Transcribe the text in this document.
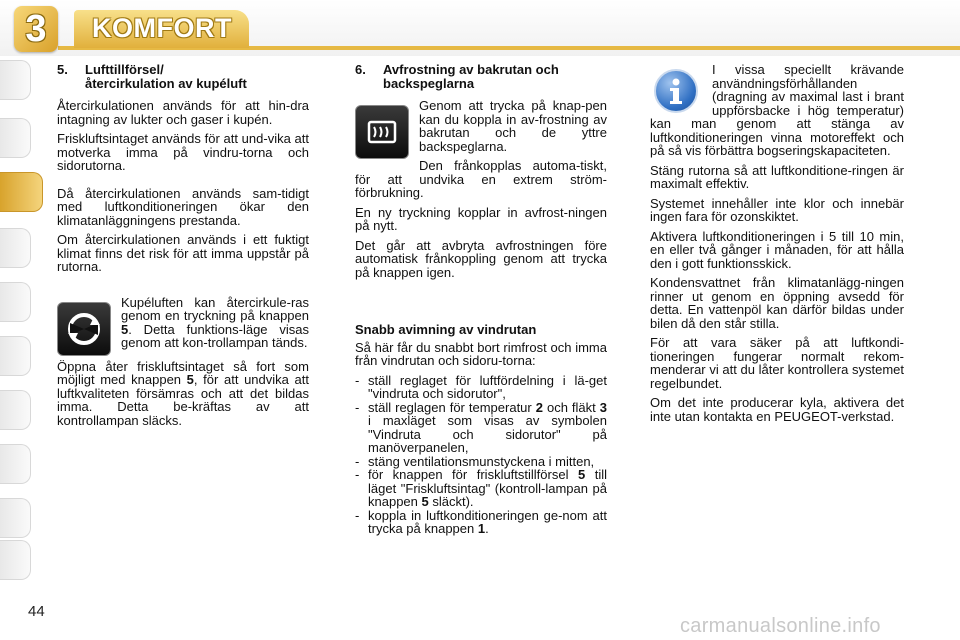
3	KOMFORT
5.	Lufttillförsel/
återcirkulation av kupéluft

Återcirkulationen används för att hin-dra intagning av lukter och gaser i kupén.

Friskluftsintaget används för att und-vika att motverka imma på vindru-torna och sidorutorna.

Då återcirkulationen används sam-tidigt med luftkonditioneringen ökar den klimatanläggningens prestanda.

Om återcirkulationen används i ett fuktigt klimat finns det risk för att imma uppstår på rutorna.

Kupéluften kan återcirkule-ras genom en tryckning på knappen 5. Detta funktions-läge visas genom att kon-trollampan tänds.

Öppna åter friskluftsintaget så fort som möjligt med knappen 5, för att undvika att luftkvaliteten försämras och att det bildas imma. Detta be-kräftas av att kontrollampan släcks.

6.	Avfrostning av bakrutan och
backspeglarna

Genom att trycka på knap-pen kan du koppla in av-frostning av bakrutan och de yttre backspeglarna.

Den frånkopplas automa-tiskt, för att undvika en extrem ström-förbrukning.

En ny tryckning kopplar in avfrost-ningen på nytt.

Det går att avbryta avfrostningen före automatisk frånkoppling genom att trycka på knappen igen.

Snabb avimning av vindrutan

Så här får du snabbt bort rimfrost och imma från vindrutan och sidoru-torna:

- ställ reglaget för luftfördelning i lä-get "vindruta och sidorutor",
- ställ reglagen för temperatur 2 och fläkt 3 i maxläget som visas av symbolen "Vindruta och sidorutor" på manöverpanelen,
- stäng ventilationsmunstyckena i mitten,
- för knappen för friskluftstillförsel 5 till läget "Friskluftsintag" (kontroll-lampan på knappen 5 släckt).
- koppla in luftkonditioneringen ge-nom att trycka på knappen 1.

I vissa speciellt krävande användningsförhållanden (dragning av maximal last i brant uppförsbacke i hög temperatur) kan man genom att stänga av luftkonditioneringen vinna motoreffekt och på så vis förbättra bogseringskapaciteten.

Stäng rutorna så att luftkonditione-ringen är maximalt effektiv.

Systemet innehåller inte klor och innebär ingen fara för ozonskiktet.

Aktivera luftkonditioneringen i 5 till 10 min, en eller två gånger i månaden, för att hålla den i gott funktionsskick.

Kondensvattnet från klimatanlägg-ningen rinner ut genom en öppning avsedd för detta. En vattenpöl kan därför bildas under bilen då den står stilla.

För att vara säker på att luftkondi-tioneringen fungerar normalt rekom-menderar vi att du låter kontrollera systemet regelbundet.

Om det inte producerar kyla, aktivera det inte utan kontakta en PEUGEOT-verkstad.

44
carmanualsonline.info
